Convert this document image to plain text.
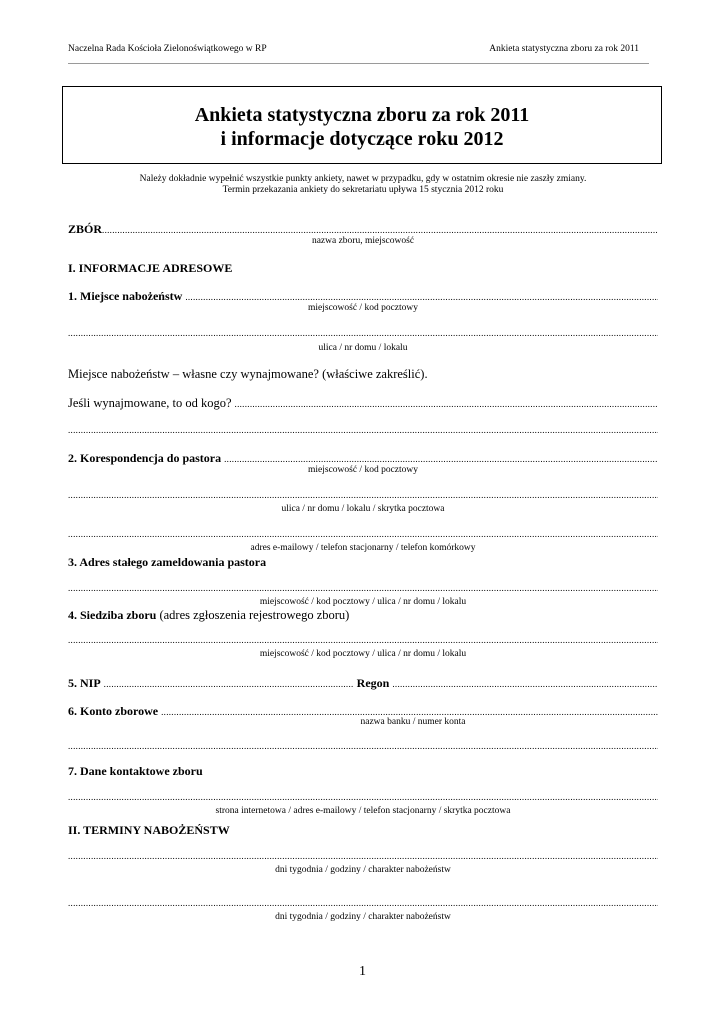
Naczelna Rada Kościoła Zielonoświątkowego w RP	Ankieta statystyczna zboru za rok 2011
Ankieta statystyczna zboru za rok 2011
i informacje dotyczące roku 2012
Należy dokładnie wypełnić wszystkie punkty ankiety, nawet w przypadku, gdy w ostatnim okresie nie zaszły zmiany.
Termin przekazania ankiety do sekretariatu upływa 15 stycznia 2012 roku
ZBÓR
.....
nazwa zboru, miejscowość
I. INFORMACJE ADRESOWE
1. Miejsce nabożeństw
.....
miejscowość / kod pocztowy
.....
ulica / nr domu / lokalu
Miejsce nabożeństw – własne czy wynajmowane? (właściwe zakreślić).
Jeśli wynajmowane, to od kogo?

.....
.....
2. Korespondencja do pastora
.....
miejscowość / kod pocztowy
.....
ulica / nr domu / lokalu / skrytka pocztowa
.....
adres e-mailowy / telefon stacjonarny / telefon komórkowy
3. Adres stałego zameldowania pastora
.....
miejscowość / kod pocztowy / ulica / nr domu / lokalu
4. Siedziba zboru (adres zgłoszenia rejestrowego zboru)
.....
miejscowość / kod pocztowy / ulica / nr domu / lokalu
5. NIP
.....	Regon
.....
6. Konto zborowe
.....
nazwa banku / numer konta
.....
7. Dane kontaktowe zboru
.....
strona internetowa / adres e-mailowy / telefon stacjonarny / skrytka pocztowa
II. TERMINY NABOŻEŃSTW
.....
dni tygodnia / godziny / charakter nabożeństw
.....
dni tygodnia / godziny / charakter nabożeństw
1
